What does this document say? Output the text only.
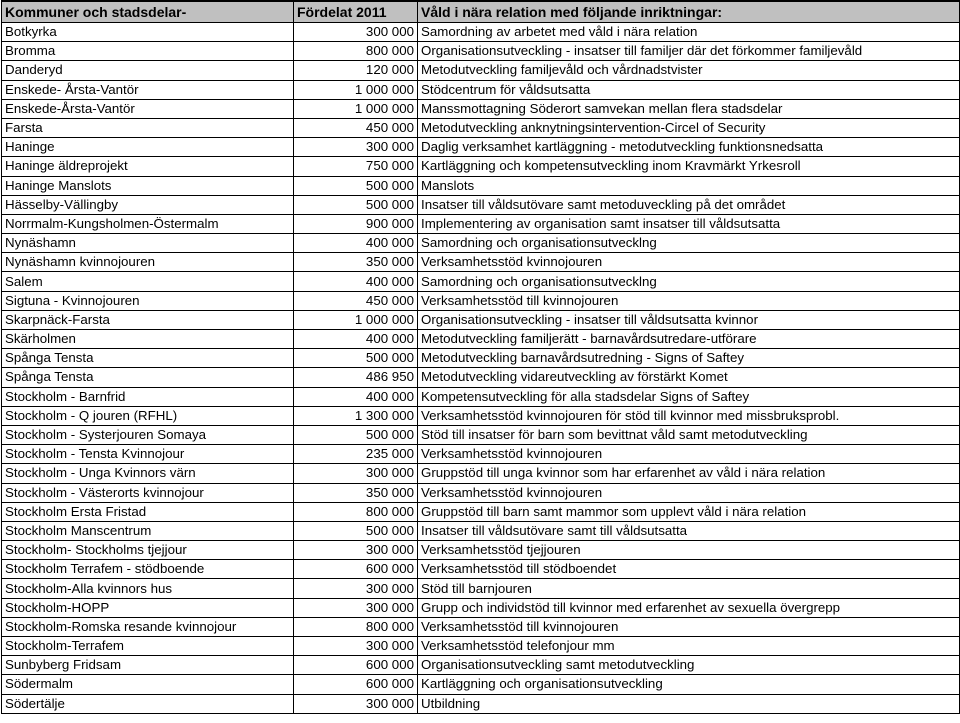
Kommuner och stadsdelar-	Fördelat 2011	Våld i nära relation med följande inriktningar:
Botkyrka	300 000	Samordning av arbetet med våld i nära relation
Bromma	800 000	Organisationsutveckling - insatser till familjer där det förkommer familjevåld
Danderyd	120 000	Metodutveckling familjevåld och vårdnadstvister
Enskede- Årsta-Vantör	1 000 000	Stödcentrum för våldsutsatta
Enskede-Årsta-Vantör	1 000 000	Manssmottagning Söderort samvekan mellan flera stadsdelar
Farsta	450 000	Metodutveckling anknytningsintervention-Circel of Security
Haninge	300 000	Daglig verksamhet kartläggning - metodutveckling funktionsnedsatta
Haninge äldreprojekt	750 000	Kartläggning och kompetensutveckling inom Kravmärkt Yrkesroll
Haninge Manslots	500 000	Manslots
Hässelby-Vällingby	500 000	Insatser till våldsutövare samt metoduveckling på det området
Norrmalm-Kungsholmen-Östermalm	900 000	Implementering av organisation samt insatser till våldsutsatta
Nynäshamn	400 000	Samordning och organisationsutvecklng
Nynäshamn kvinnojouren	350 000	Verksamhetsstöd kvinnojouren
Salem	400 000	Samordning och organisationsutvecklng
Sigtuna - Kvinnojouren	450 000	Verksamhetsstöd till kvinnojouren
Skarpnäck-Farsta	1 000 000	Organisationsutveckling - insatser till våldsutsatta kvinnor
Skärholmen	400 000	Metodutveckling familjerätt - barnavårdsutredare-utförare
Spånga Tensta	500 000	Metodutveckling barnavårdsutredning - Signs of Saftey
Spånga Tensta	486 950	Metodutveckling vidareutveckling av förstärkt Komet
Stockholm - Barnfrid	400 000	Kompetensutveckling för alla stadsdelar Signs of Saftey
Stockholm - Q jouren (RFHL)	1 300 000	Verksamhetsstöd kvinnojouren för stöd till kvinnor med missbruksprobl.
Stockholm - Systerjouren Somaya	500 000	Stöd till insatser för barn som bevittnat våld samt metodutveckling
Stockholm - Tensta Kvinnojour	235 000	Verksamhetsstöd kvinnojouren
Stockholm - Unga Kvinnors värn	300 000	Gruppstöd till unga kvinnor som har erfarenhet av våld i nära relation
Stockholm - Västerorts kvinnojour	350 000	Verksamhetsstöd kvinnojouren
Stockholm Ersta Fristad	800 000	Gruppstöd till barn samt mammor som upplevt våld i nära relation
Stockholm Manscentrum	500 000	Insatser till våldsutövare samt till våldsutsatta
Stockholm- Stockholms tjejjour	300 000	Verksamhetsstöd tjejjouren
Stockholm Terrafem - stödboende	600 000	Verksamhetsstöd till stödboendet
Stockholm-Alla kvinnors hus	300 000	Stöd till barnjouren
Stockholm-HOPP	300 000	Grupp och individstöd till kvinnor med erfarenhet av sexuella övergrepp
Stockholm-Romska resande kvinnojour	800 000	Verksamhetsstöd till kvinnojouren
Stockholm-Terrafem	300 000	Verksamhetsstöd telefonjour mm
Sunbyberg Fridsam	600 000	Organisationsutveckling samt metodutveckling
Södermalm	600 000	Kartläggning och organisationsutveckling
Södertälje	300 000	Utbildning
